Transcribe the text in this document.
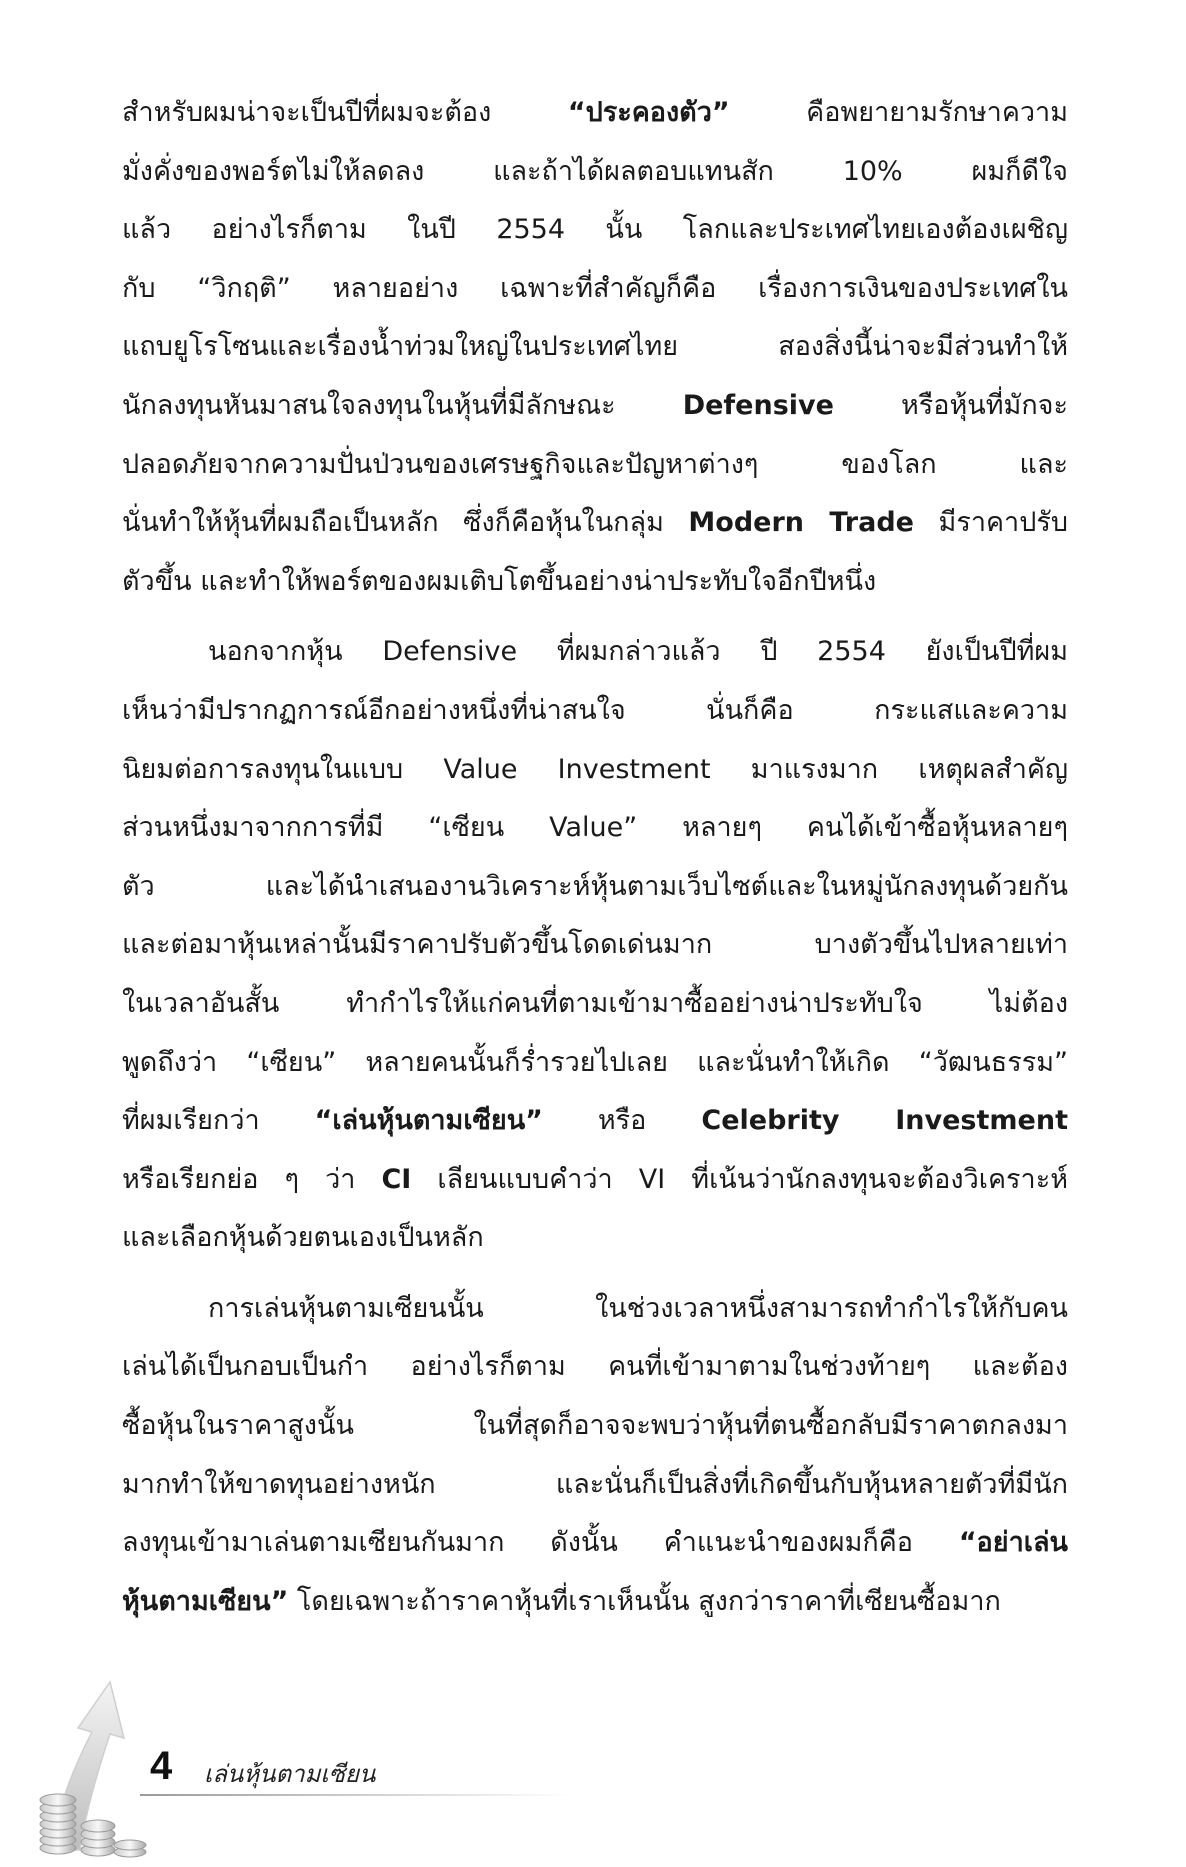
สำหรับผมน่าจะเป็นปีที่ผมจะต้อง “ประคองตัว” คือพยายามรักษาความ
มั่งคั่งของพอร์ตไม่ให้ลดลง และถ้าได้ผลตอบแทนสัก 10% ผมก็ดีใจ
แล้ว อย่างไรก็ตาม ในปี 2554 นั้น โลกและประเทศไทยเองต้องเผชิญ
กับ “วิกฤติ” หลายอย่าง เฉพาะที่สำคัญก็คือ เรื่องการเงินของประเทศใน
แถบยูโรโซนและเรื่องน้ำท่วมใหญ่ในประเทศไทย สองสิ่งนี้น่าจะมีส่วนทำให้
นักลงทุนหันมาสนใจลงทุนในหุ้นที่มีลักษณะ Defensive หรือหุ้นที่มักจะ
ปลอดภัยจากความปั่นป่วนของเศรษฐกิจและปัญหาต่างๆ ของโลก และ
นั่นทำให้หุ้นที่ผมถือเป็นหลัก ซึ่งก็คือหุ้นในกลุ่ม Modern Trade มีราคาปรับ
ตัวขึ้น และทำให้พอร์ตของผมเติบโตขึ้นอย่างน่าประทับใจอีกปีหนึ่ง
นอกจากหุ้น Defensive ที่ผมกล่าวแล้ว ปี 2554 ยังเป็นปีที่ผม
เห็นว่ามีปรากฏการณ์อีกอย่างหนึ่งที่น่าสนใจ นั่นก็คือ กระแสและความ
นิยมต่อการลงทุนในแบบ Value Investment มาแรงมาก เหตุผลสำคัญ
ส่วนหนึ่งมาจากการที่มี “เซียน Value” หลายๆ คนได้เข้าซื้อหุ้นหลายๆ
ตัว และได้นำเสนองานวิเคราะห์หุ้นตามเว็บไซต์และในหมู่นักลงทุนด้วยกัน
และต่อมาหุ้นเหล่านั้นมีราคาปรับตัวขึ้นโดดเด่นมาก บางตัวขึ้นไปหลายเท่า
ในเวลาอันสั้น ทำกำไรให้แก่คนที่ตามเข้ามาซื้ออย่างน่าประทับใจ ไม่ต้อง
พูดถึงว่า “เซียน” หลายคนนั้นก็ร่ำรวยไปเลย และนั่นทำให้เกิด “วัฒนธรรม”
ที่ผมเรียกว่า “เล่นหุ้นตามเซียน” หรือ Celebrity Investment
หรือเรียกย่อ ๆ ว่า CI เลียนแบบคำว่า VI ที่เน้นว่านักลงทุนจะต้องวิเคราะห์
และเลือกหุ้นด้วยตนเองเป็นหลัก
การเล่นหุ้นตามเซียนนั้น ในช่วงเวลาหนึ่งสามารถทำกำไรให้กับคน
เล่นได้เป็นกอบเป็นกำ อย่างไรก็ตาม คนที่เข้ามาตามในช่วงท้ายๆ และต้อง
ซื้อหุ้นในราคาสูงนั้น ในที่สุดก็อาจจะพบว่าหุ้นที่ตนซื้อกลับมีราคาตกลงมา
มากทำให้ขาดทุนอย่างหนัก และนั่นก็เป็นสิ่งที่เกิดขึ้นกับหุ้นหลายตัวที่มีนัก
ลงทุนเข้ามาเล่นตามเซียนกันมาก ดังนั้น คำแนะนำของผมก็คือ “อย่าเล่น
หุ้นตามเซียน” โดยเฉพาะถ้าราคาหุ้นที่เราเห็นนั้น สูงกว่าราคาที่เซียนซื้อมาก
4 เล่นหุ้นตามเซียน
